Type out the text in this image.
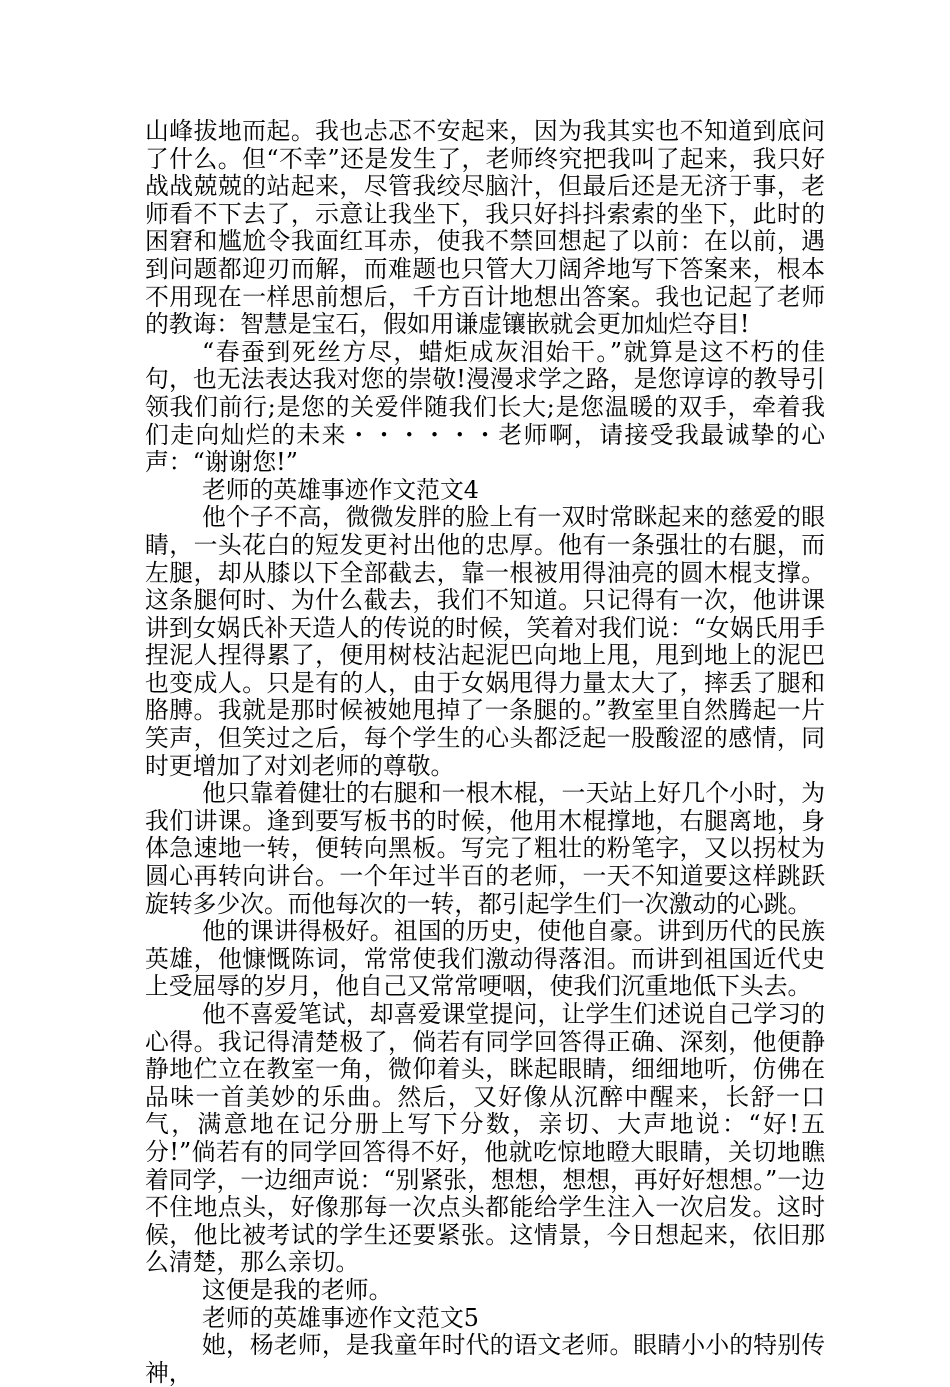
山峰拔地而起。我也忐忑不安起来，因为我其实也不知道到底问了什么。但“不幸”还是发生了，老师终究把我叫了起来，我只好战战兢兢的站起来，尽管我绞尽脑汁，但最后还是无济于事，老师看不下去了，示意让我坐下，我只好抖抖索索的坐下，此时的困窘和尴尬令我面红耳赤，使我不禁回想起了以前：在以前，遇到问题都迎刃而解，而难题也只管大刀阔斧地写下答案来，根本不用现在一样思前想后，千方百计地想出答案。我也记起了老师的教诲：智慧是宝石，假如用谦虚镶嵌就会更加灿烂夺目!

“春蚕到死丝方尽，蜡炬成灰泪始干。”就算是这不朽的佳句，也无法表达我对您的崇敬!漫漫求学之路，是您谆谆的教导引领我们前行;是您的关爱伴随我们长大;是您温暖的双手，牵着我们走向灿烂的未来・・・・・・老师啊，请接受我最诚挚的心声：“谢谢您!”

老师的英雄事迹作文范文4

他个子不高，微微发胖的脸上有一双时常眯起来的慈爱的眼睛，一头花白的短发更衬出他的忠厚。他有一条强壮的右腿，而左腿，却从膝以下全部截去，靠一根被用得油亮的圆木棍支撑。这条腿何时、为什么截去，我们不知道。只记得有一次，他讲课讲到女娲氏补天造人的传说的时候，笑着对我们说：“女娲氏用手捏泥人捏得累了，便用树枝沾起泥巴向地上甩，甩到地上的泥巴也变成人。只是有的人，由于女娲甩得力量太大了，摔丢了腿和胳膊。我就是那时候被她甩掉了一条腿的。”教室里自然腾起一片笑声，但笑过之后，每个学生的心头都泛起一股酸涩的感情，同时更增加了对刘老师的尊敬。

他只靠着健壮的右腿和一根木棍，一天站上好几个小时，为我们讲课。逢到要写板书的时候，他用木棍撑地，右腿离地，身体急速地一转，便转向黑板。写完了粗壮的粉笔字，又以拐杖为圆心再转向讲台。一个年过半百的老师，一天不知道要这样跳跃旋转多少次。而他每次的一转，都引起学生们一次激动的心跳。

他的课讲得极好。祖国的历史，使他自豪。讲到历代的民族英雄，他慷慨陈词，常常使我们激动得落泪。而讲到祖国近代史上受屈辱的岁月，他自己又常常哽咽，使我们沉重地低下头去。

他不喜爱笔试，却喜爱课堂提问，让学生们述说自己学习的心得。我记得清楚极了，倘若有同学回答得正确、深刻，他便静静地伫立在教室一角，微仰着头，眯起眼睛，细细地听，仿佛在品味一首美妙的乐曲。然后，又好像从沉醉中醒来，长舒一口气，满意地在记分册上写下分数，亲切、大声地说：“好!五分!”倘若有的同学回答得不好，他就吃惊地瞪大眼睛，关切地瞧着同学，一边细声说：“别紧张，想想，想想，再好好想想。”一边不住地点头，好像那每一次点头都能给学生注入一次启发。这时候，他比被考试的学生还要紧张。这情景，今日想起来，依旧那么清楚，那么亲切。

这便是我的老师。

老师的英雄事迹作文范文5

她，杨老师，是我童年时代的语文老师。眼睛小小的特别传神，
